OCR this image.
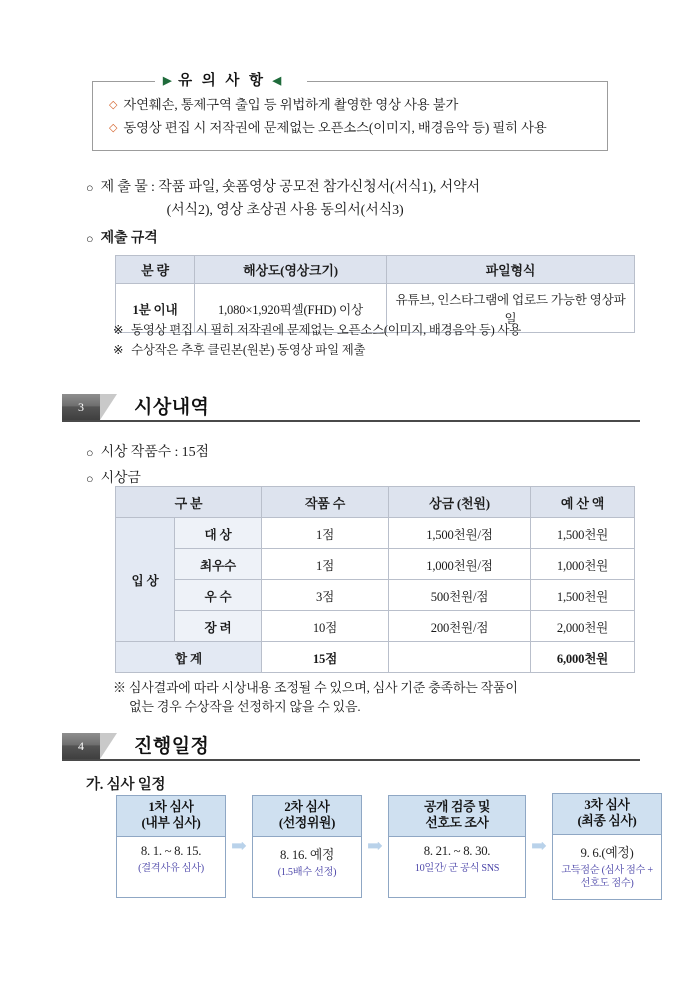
▶ 유 의 사 항 ◀
◇ 자연훼손, 통제구역 출입 등 위법하게 촬영한 영상 사용 불가
◇ 동영상 편집 시 저작권에 문제없는 오픈소스(이미지, 배경음악 등) 필히 사용
○ 제 출 물 : 작품 파일, 숏폼영상 공모전 참가신청서(서식1), 서약서
(서식2), 영상 초상권 사용 동의서(서식3)
○ 제출 규격
분 량	해상도(영상크기)	파일형식
1분 이내	1,080×1,920픽셀(FHD) 이상	유튜브, 인스타그램에 업로드 가능한 영상파일
※ 동영상 편집 시 필히 저작권에 문제없는 오픈소스(이미지, 배경음악 등) 사용
※ 수상작은 추후 클린본(원본) 동영상 파일 제출
3	시상내역
○ 시상 작품수 : 15점
○ 시상금
구 분		작품 수	상금 (천원)	예 산 액
입 상	대 상	1점	1,500천원/점	1,500천원
	최우수	1점	1,000천원/점	1,000천원
	우 수	3점	500천원/점	1,500천원
	장 려	10점	200천원/점	2,000천원
합 계		15점		6,000천원
※ 심사결과에 따라 시상내용 조정될 수 있으며, 심사 기준 충족하는 작품이
없는 경우 수상작을 선정하지 않을 수 있음.
4	진행일정
가. 심사 일정
1차 심사
(내부 심사)
8. 1. ~ 8. 15.
(결격사유 심사)
➡
2차 심사
(선정위원)
8. 16. 예정
(1.5배수 선정)
➡
공개 검증 및
선호도 조사
8. 21. ~ 8. 30.
10일간/ 군 공식 SNS
➡
3차 심사
(최종 심사)
9. 6.(예정)
고득점순 (심사 점수 + 선호도 점수)
